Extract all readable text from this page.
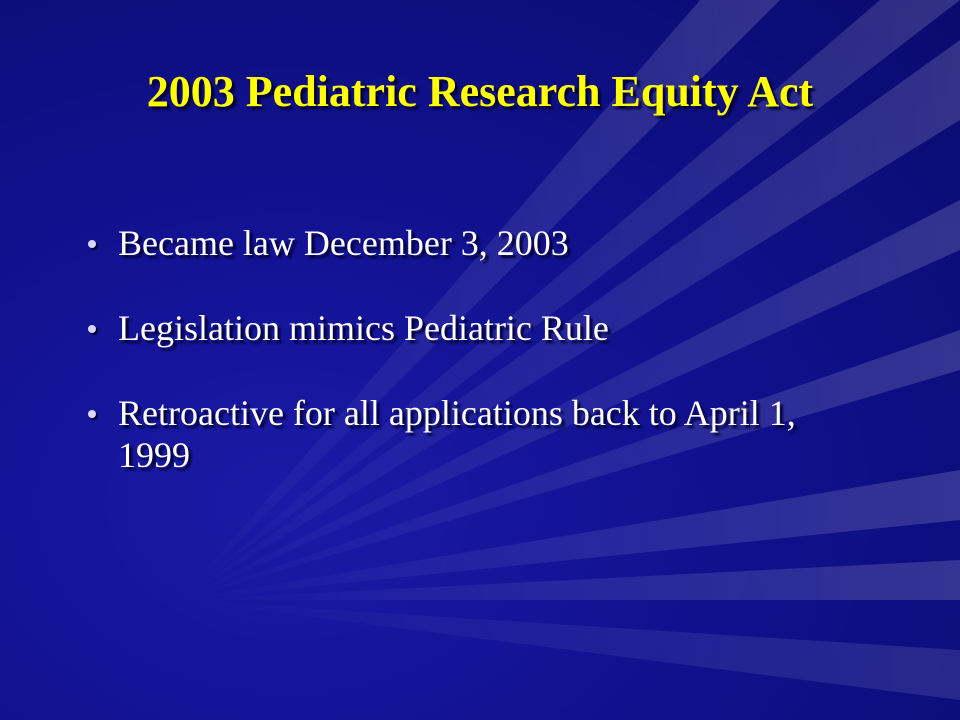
2003 Pediatric Research Equity Act
Became law December 3, 2003
Legislation mimics Pediatric Rule
Retroactive for all applications back to April 1, 1999
